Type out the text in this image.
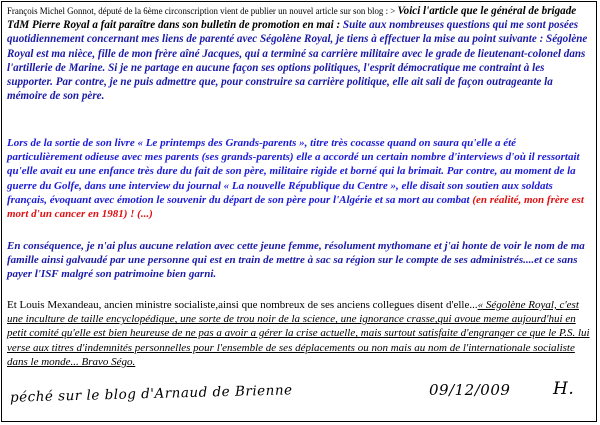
François Michel Gonnot, député de la 6ème circonscription vient de publier un nouvel article sur son blog : > Voici l'article que le général de brigade TdM Pierre Royal a fait paraître dans son bulletin de promotion en mai : Suite aux nombreuses questions qui me sont posées quotidiennement concernant mes liens de parenté avec Ségolène Royal, je tiens à effectuer la mise au point suivante : Ségolène Royal est ma nièce, fille de mon frère aîné Jacques, qui a terminé sa carrière militaire avec le grade de lieutenant-colonel dans l'artillerie de Marine. Si je ne partage en aucune façon ses options politiques, l'esprit démocratique me contraint à les supporter. Par contre, je ne puis admettre que, pour construire sa carrière politique, elle ait sali de façon outrageante la mémoire de son père.

Lors de la sortie de son livre « Le printemps des Grands-parents », titre très cocasse quand on saura qu'elle a été particulièrement odieuse avec mes parents (ses grands-parents) elle a accordé un certain nombre d'interviews d'où il ressortait qu'elle avait eu une enfance très dure du fait de son père, militaire rigide et borné qui la brimait. Par contre, au moment de la guerre du Golfe, dans une interview du journal « La nouvelle République du Centre », elle disait son soutien aux soldats français, évoquant avec émotion le souvenir du départ de son père pour l'Algérie et sa mort au combat (en réalité, mon frère est mort d'un cancer en 1981) ! (...)

En conséquence, je n'ai plus aucune relation avec cette jeune femme, résolument mythomane et j'ai honte de voir le nom de ma famille ainsi galvaudé par une personne qui est en train de mettre à sac sa région sur le compte de ses administrés....et ce sans payer l'ISF malgré son patrimoine bien garni.

Et Louis Mexandeau, ancien ministre socialiste,ainsi que nombreux de ses anciens collegues disent d'elle...« Ségolène Royal, c'est une inculture de taille encyclopédique, une sorte de trou noir de la science, une ignorance crasse,qui avoue meme aujourd'hui en petit comité qu'elle est bien heureuse de ne pas a avoir a gérer la crise actuelle, mais surtout satisfaite d'engranger ce que le P.S. lui verse aux titres d'indemnités personnelles pour l'ensemble de ses déplacements ou non mais au nom de l'internationale socialiste dans le monde... Bravo Ségo.

péché sur le blog d'Arnaud de Brienne	09/12/009	H.
